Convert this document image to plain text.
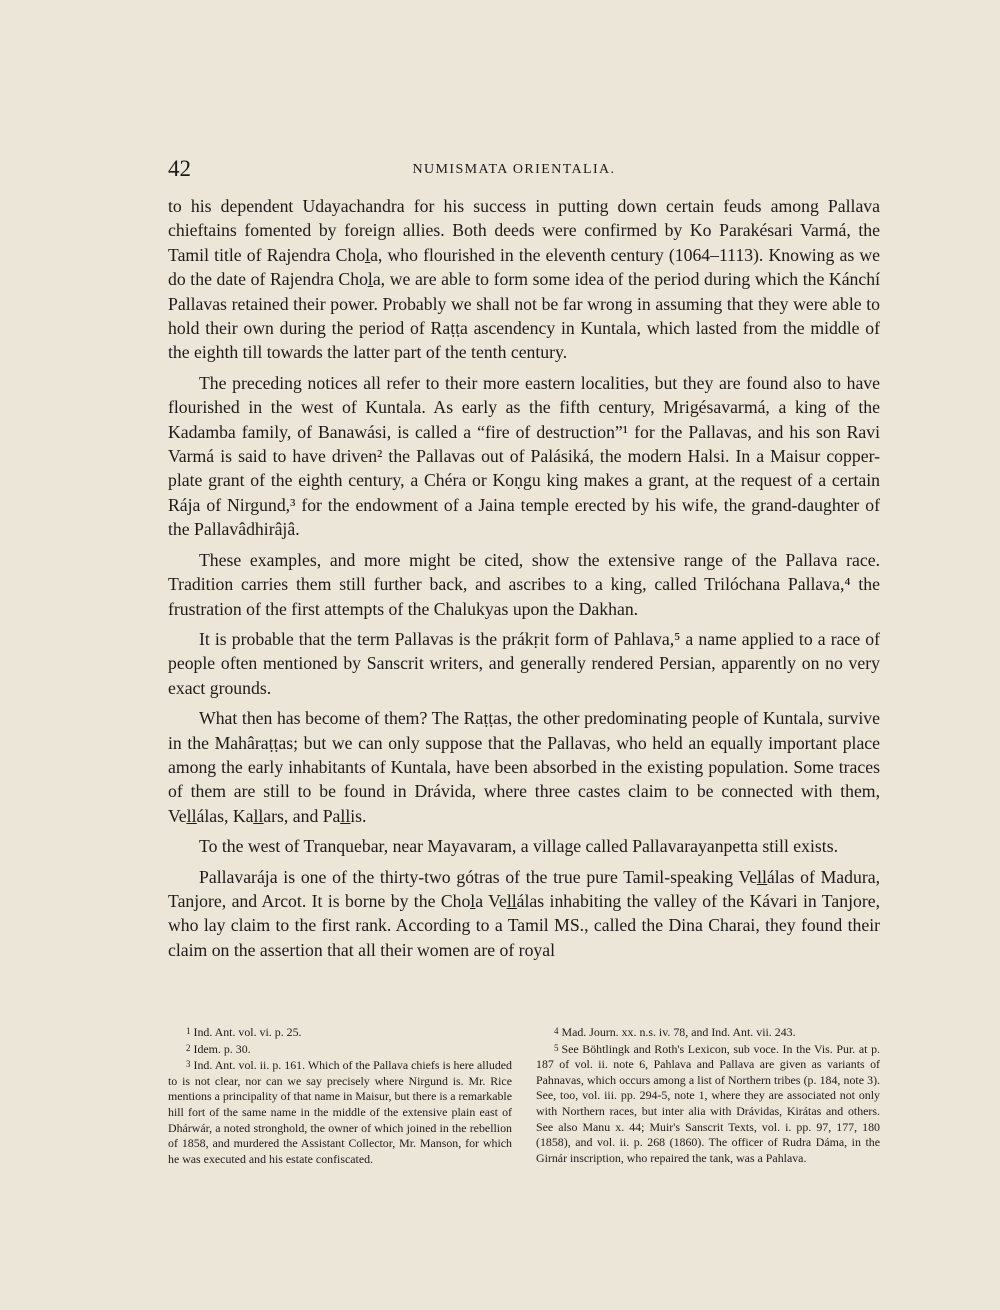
42	NUMISMATA ORIENTALIA.

to his dependent Udayachandra for his success in putting down certain feuds among Pallava chieftains fomented by foreign allies. Both deeds were confirmed by Ko Parakésari Varmá, the Tamil title of Rajendra Choḻa, who flourished in the eleventh century (1064–1113). Knowing as we do the date of Rajendra Choḻa, we are able to form some idea of the period during which the Kánchí Pallavas retained their power. Probably we shall not be far wrong in assuming that they were able to hold their own during the period of Raṭṭa ascendency in Kuntala, which lasted from the middle of the eighth till towards the latter part of the tenth century.

The preceding notices all refer to their more eastern localities, but they are found also to have flourished in the west of Kuntala. As early as the fifth century, Mrigésavarmá, a king of the Kadamba family, of Banawási, is called a “fire of destruction”¹ for the Pallavas, and his son Ravi Varmá is said to have driven² the Pallavas out of Palásiká, the modern Halsi. In a Maisur copper-plate grant of the eighth century, a Chéra or Koṇgu king makes a grant, at the request of a certain Rája of Nirgund,³ for the endowment of a Jaina temple erected by his wife, the grand-daughter of the Pallavâdhirâjâ.

These examples, and more might be cited, show the extensive range of the Pallava race. Tradition carries them still further back, and ascribes to a king, called Trilóchana Pallava,⁴ the frustration of the first attempts of the Chalukyas upon the Dakhan.

It is probable that the term Pallavas is the prákṛit form of Pahlava,⁵ a name applied to a race of people often mentioned by Sanscrit writers, and generally rendered Persian, apparently on no very exact grounds.

What then has become of them? The Raṭṭas, the other predominating people of Kuntala, survive in the Mahâraṭṭas; but we can only suppose that the Pallavas, who held an equally important place among the early inhabitants of Kuntala, have been absorbed in the existing population. Some traces of them are still to be found in Drávida, where three castes claim to be connected with them, Veḻḻálas, Kaḻḻars, and Paḻḻis.

To the west of Tranquebar, near Mayavaram, a village called Pallavarayanpetta still exists.

Pallavarája is one of the thirty-two gótras of the true pure Tamil-speaking Veḻḻálas of Madura, Tanjore, and Arcot. It is borne by the Choḻa Veḻḻálas inhabiting the valley of the Kávari in Tanjore, who lay claim to the first rank. According to a Tamil MS., called the Dina Charai, they found their claim on the assertion that all their women are of royal

1 Ind. Ant. vol. vi. p. 25.

2 Idem. p. 30.

3 Ind. Ant. vol. ii. p. 161. Which of the Pallava chiefs is here alluded to is not clear, nor can we say precisely where Nirgund is. Mr. Rice mentions a principality of that name in Maisur, but there is a remarkable hill fort of the same name in the middle of the extensive plain east of Dhárwár, a noted stronghold, the owner of which joined in the rebellion of 1858, and murdered the Assistant Collector, Mr. Manson, for which he was executed and his estate confiscated.

4 Mad. Journ. xx. n.s. iv. 78, and Ind. Ant. vii. 243.

5 See Böhtlingk and Roth's Lexicon, sub voce. In the Vis. Pur. at p. 187 of vol. ii. note 6, Pahlava and Pallava are given as variants of Pahnavas, which occurs among a list of Northern tribes (p. 184, note 3). See, too, vol. iii. pp. 294-5, note 1, where they are associated not only with Northern races, but inter alia with Drávidas, Kirátas and others. See also Manu x. 44; Muir's Sanscrit Texts, vol. i. pp. 97, 177, 180 (1858), and vol. ii. p. 268 (1860). The officer of Rudra Dáma, in the Girnár inscription, who repaired the tank, was a Pahlava.
